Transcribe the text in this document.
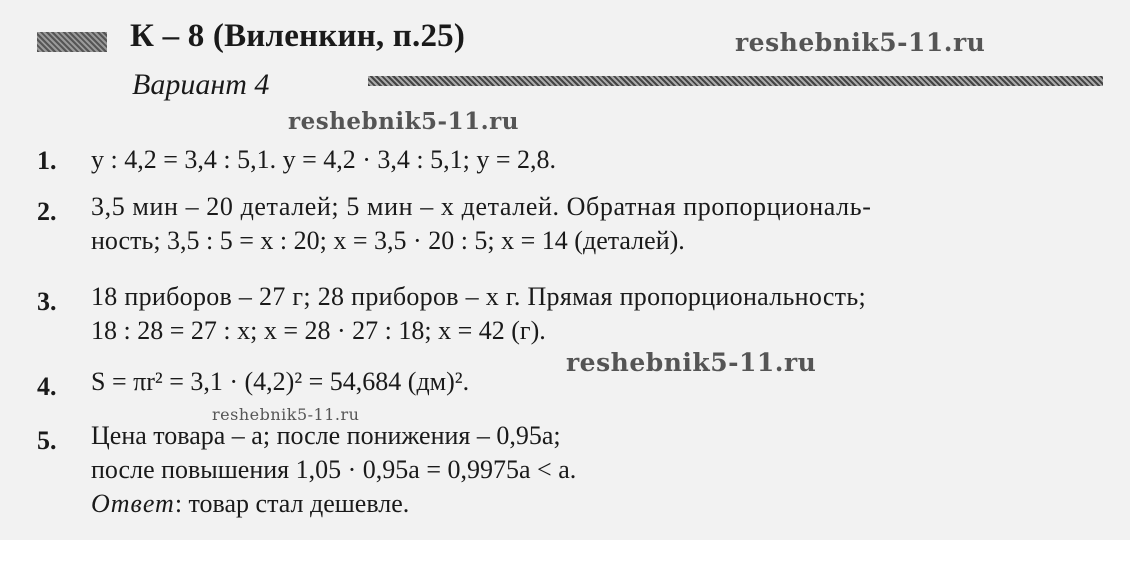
К – 8 (Виленкин, п.25)
Вариант 4
reshebnik5-11.ru
reshebnik5-11.ru
reshebnik5-11.ru
reshebnik5-11.ru
1. y : 4,2 = 3,4 : 5,1. y = 4,2 · 3,4 : 5,1; y = 2,8.
2. 3,5 мин – 20 деталей; 5 мин – x деталей. Обратная пропорциональ-
ность; 3,5 : 5 = x : 20; x = 3,5 · 20 : 5; x = 14 (деталей).
3. 18 приборов – 27 г; 28 приборов – x г. Прямая пропорциональность;
18 : 28 = 27 : x; x = 28 · 27 : 18; x = 42 (г).
4. S = πr² = 3,1 · (4,2)² = 54,684 (дм)².
5. Цена товара – a; после понижения – 0,95a;
после повышения 1,05 · 0,95a = 0,9975a < a.
Ответ: товар стал дешевле.
